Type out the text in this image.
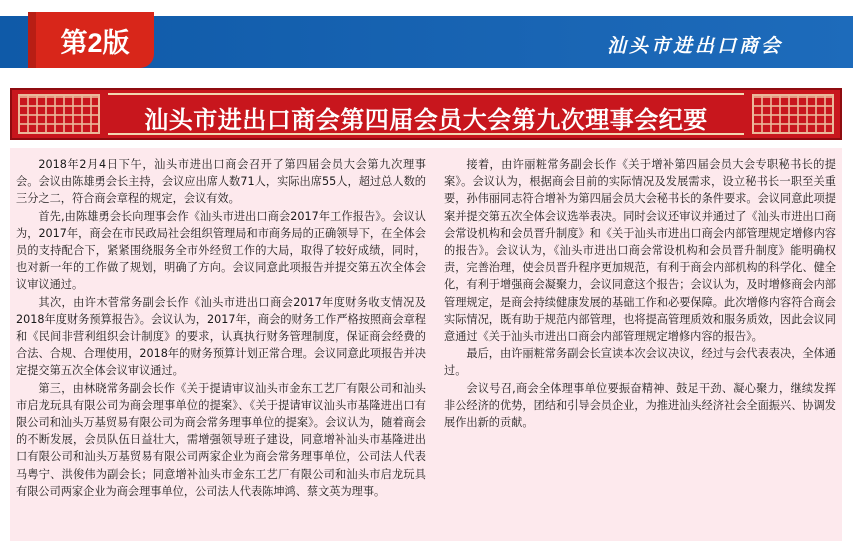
第2版	汕头市进出口商会
汕头市进出口商会第四届会员大会第九次理事会纪要

2018年2月4日下午，汕头市进出口商会召开了第四届会员大会第九次理事会。会议由陈雄勇会长主持，会议应出席人数71人，实际出席55人，超过总人数的三分之二，符合商会章程的规定，会议有效。

首先,由陈雄勇会长向理事会作《汕头市进出口商会2017年工作报告》。会议认为，2017年，商会在市民政局社会组织管理局和市商务局的正确领导下，在全体会员的支持配合下，紧紧围绕服务全市外经贸工作的大局，取得了较好成绩，同时，也对新一年的工作做了规划，明确了方向。会议同意此项报告并提交第五次全体会议审议通过。

其次，由许木菅常务副会长作《汕头市进出口商会2017年度财务收支情况及2018年度财务预算报告》。会议认为，2017年，商会的财务工作严格按照商会章程和《民间非营利组织会计制度》的要求，认真执行财务管理制度，保证商会经费的合法、合规、合理使用，2018年的财务预算计划正常合理。会议同意此项报告并决定提交第五次全体会议审议通过。

第三，由林晓常务副会长作《关于提请审议汕头市金东工艺厂有限公司和汕头市启龙玩具有限公司为商会理事单位的提案》、《关于提请审议汕头市基隆进出口有限公司和汕头万基贸易有限公司为商会常务理事单位的提案》。会议认为，随着商会的不断发展，会员队伍日益壮大，需增强领导班子建设，同意增补汕头市基隆进出口有限公司和汕头万基贸易有限公司两家企业为商会常务理事单位，公司法人代表马粤宁、洪俊伟为副会长；同意增补汕头市金东工艺厂有限公司和汕头市启龙玩具有限公司两家企业为商会理事单位，公司法人代表陈坤鸿、蔡文英为理事。

接着，由许丽粧常务副会长作《关于增补第四届会员大会专职秘书长的提案》。会议认为，根据商会目前的实际情况及发展需求，设立秘书长一职至关重要，孙伟丽同志符合增补为第四届会员大会秘书长的条件要求。会议同意此项提案并提交第五次全体会议选举表决。同时会议还审议并通过了《汕头市进出口商会常设机构和会员晋升制度》和《关于汕头市进出口商会内部管理规定增修内容的报告》。会议认为，《汕头市进出口商会常设机构和会员晋升制度》能明确权责，完善治理，使会员晋升程序更加规范，有利于商会内部机构的科学化、健全化，有利于增强商会凝聚力，会议同意这个报告；会议认为，及时增修商会内部管理规定，是商会持续健康发展的基础工作和必要保障。此次增修内容符合商会实际情况，既有助于规范内部管理，也将提高管理质效和服务质效，因此会议同意通过《关于汕头市进出口商会内部管理规定增修内容的报告》。

最后，由许丽粧常务副会长宣读本次会议决议，经过与会代表表决，全体通过。

会议号召,商会全体理事单位要振奋精神、鼓足干劲、凝心聚力，继续发挥非公经济的优势，团结和引导会员企业，为推进汕头经济社会全面振兴、协调发展作出新的贡献。
